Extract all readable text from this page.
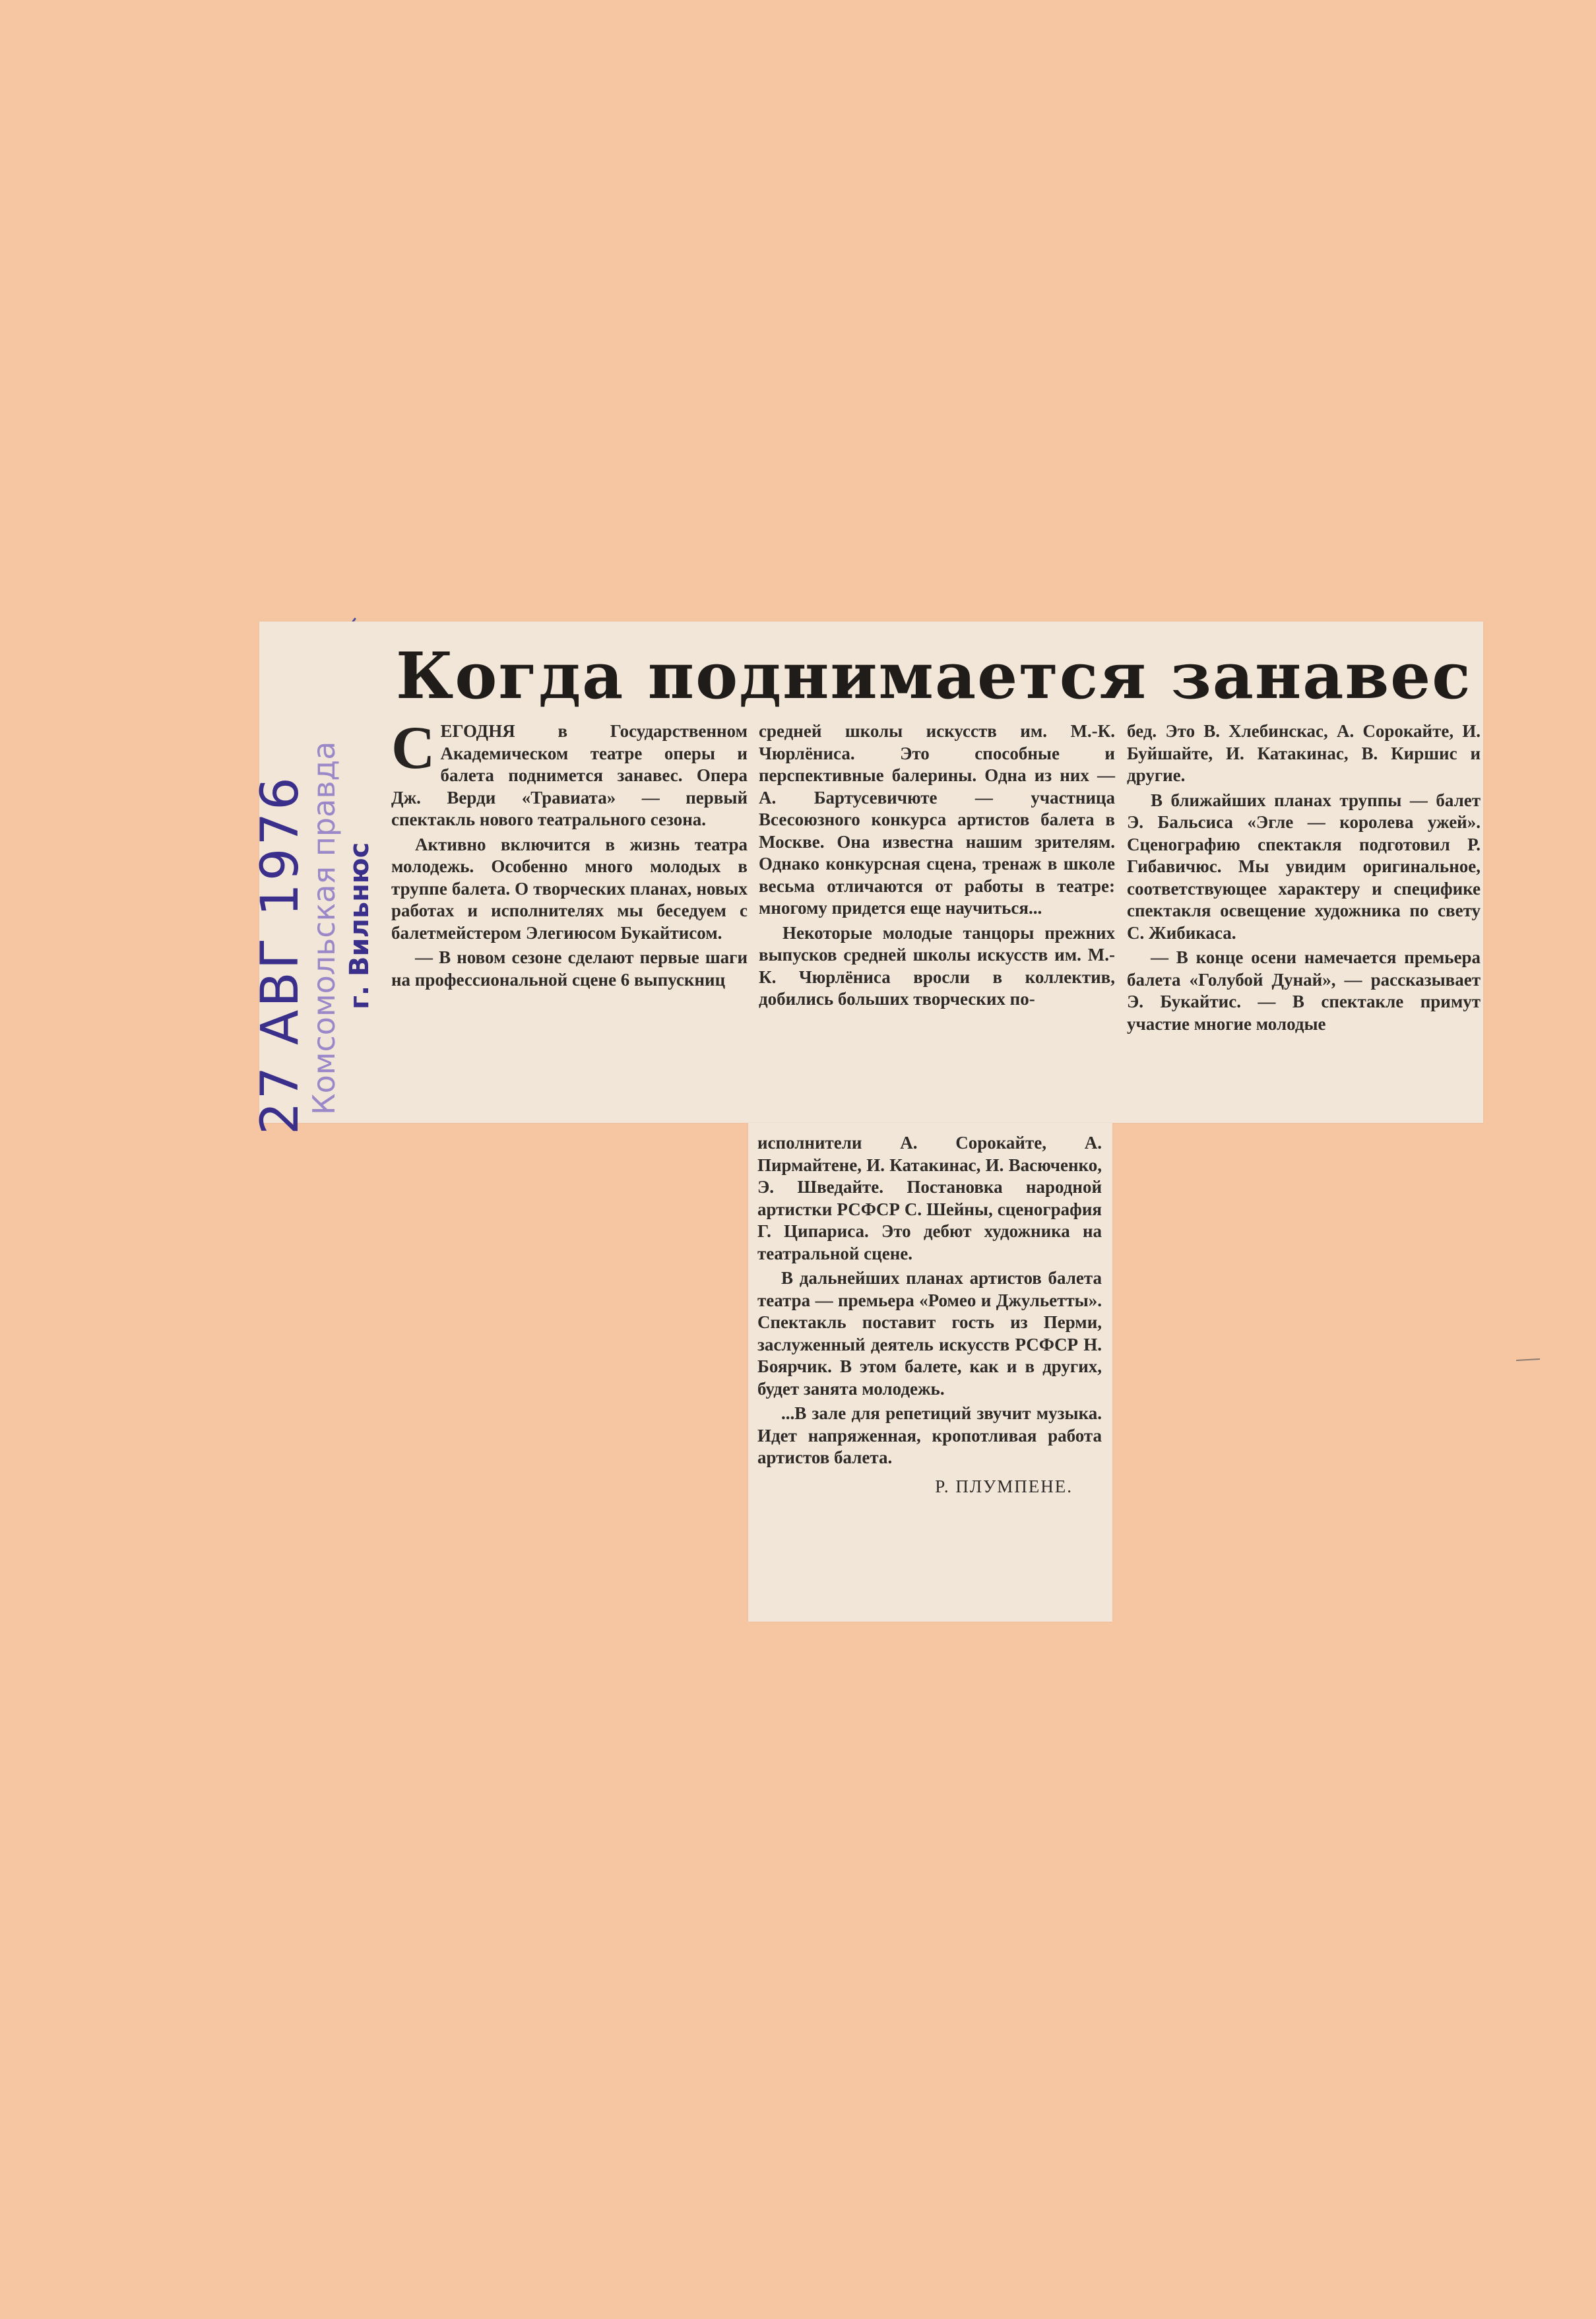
Когда поднимается занавес

СЕГОДНЯ в Государственном Академическом театре оперы и балета поднимется занавес. Опера Дж. Верди «Травиата» — первый спектакль нового театрального сезона.

Активно включится в жизнь театра молодежь. Особенно много молодых в труппе балета. О творческих планах, новых работах и исполнителях мы беседуем с балетмейстером Элегиюсом Букайтисом.

— В новом сезоне сделают первые шаги на профессиональной сцене 6 выпускниц

средней школы искусств им. М.-К. Чюрлёниса. Это способные и перспективные балерины. Одна из них — А. Бартусевичюте — участница Всесоюзного конкурса артистов балета в Москве. Она известна нашим зрителям. Однако конкурсная сцена, тренаж в школе весьма отличаются от работы в театре: многому придется еще научиться...

Некоторые молодые танцоры прежних выпусков средней школы искусств им. М.-К. Чюрлёниса вросли в коллектив, добились больших творческих по-

бед. Это В. Хлебинскас, А. Сорокайте, И. Буйшайте, И. Катакинас, В. Киршис и другие.

В ближайших планах труппы — балет Э. Бальсиса «Эгле — королева ужей». Сценографию спектакля подготовил Р. Гибавичюс. Мы увидим оригинальное, соответствующее характеру и специфике спектакля освещение художника по свету С. Жибикаса.

— В конце осени намечается премьера балета «Голубой Дунай», — рассказывает Э. Букайтис. — В спектакле примут участие многие молодые

исполнители А. Сорокайте, А. Пирмайтене, И. Катакинас, И. Васюченко, Э. Шведайте. Постановка народной артистки РСФСР С. Шейны, сценография Г. Ципариса. Это дебют художника на театральной сцене.

В дальнейших планах артистов балета театра — премьера «Ромео и Джульетты». Спектакль поставит гость из Перми, заслуженный деятель искусств РСФСР Н. Боярчик. В этом балете, как и в других, будет занята молодежь.

...В зале для репетиций звучит музыка. Идет напряженная, кропотливая работа артистов балета.

Р. ПЛУМПЕНЕ.
27 АВГ 1976
Комсомольская правда г. Вильнюс
